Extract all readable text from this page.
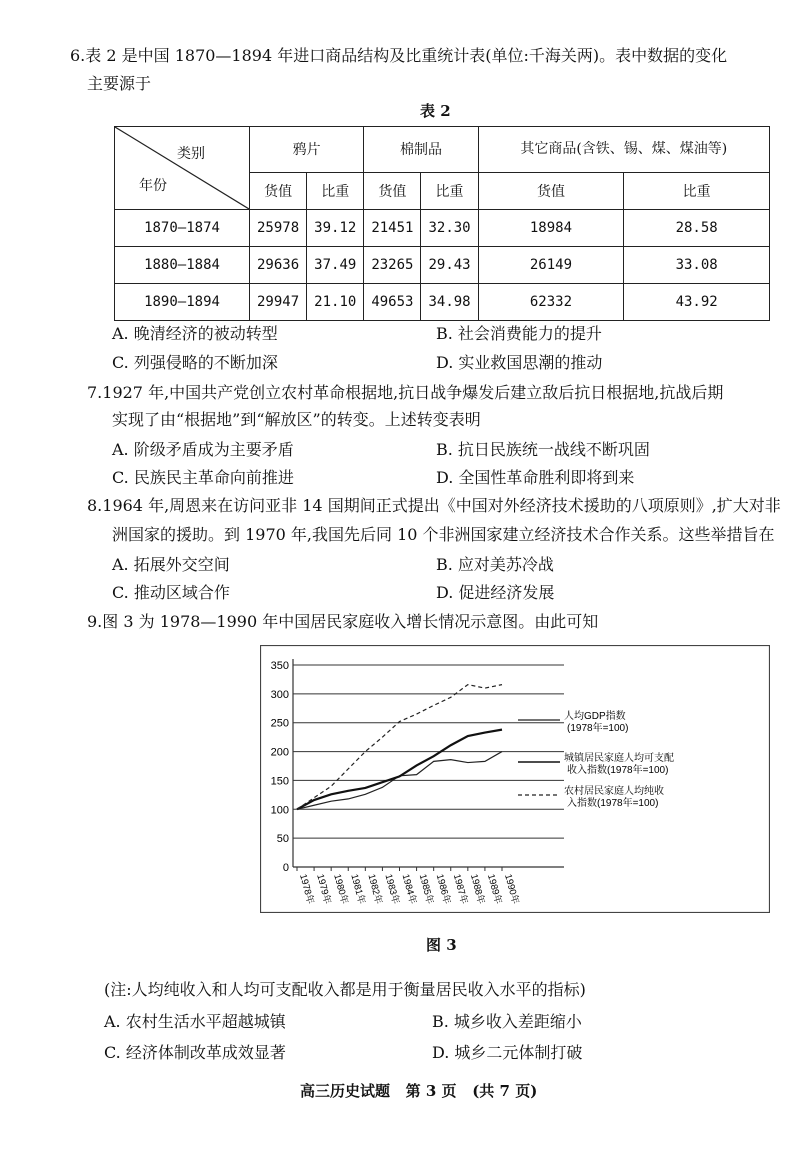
6.表 2 是中国 1870—1894 年进口商品结构及比重统计表(单位:千海关两)。表中数据的变化
主要源于
表 2
类别
年份	鸦片		棉制品		其它商品(含铁、锡、煤、煤油等)	
	货值	比重	货值	比重	货值	比重
1870—1874	25978	39.12	21451	32.30	18984	28.58
1880—1884	29636	37.49	23265	29.43	26149	33.08
1890—1894	29947	21.10	49653	34.98	62332	43.92
A. 晚清经济的被动转型	B. 社会消费能力的提升
C. 列强侵略的不断加深	D. 实业救国思潮的推动
7.1927 年,中国共产党创立农村革命根据地,抗日战争爆发后建立敌后抗日根据地,抗战后期
实现了由“根据地”到“解放区”的转变。上述转变表明
A. 阶级矛盾成为主要矛盾	B. 抗日民族统一战线不断巩固
C. 民族民主革命向前推进	D. 全国性革命胜利即将到来
8.1964 年,周恩来在访问亚非 14 国期间正式提出《中国对外经济技术援助的八项原则》,扩大对非
洲国家的援助。到 1970 年,我国先后同 10 个非洲国家建立经济技术合作关系。这些举措旨在
A. 拓展外交空间	B. 应对美苏冷战
C. 推动区域合作	D. 促进经济发展
9.图 3 为 1978—1990 年中国居民家庭收入增长情况示意图。由此可知
0
50
100
150
200
250
300
350
1978年
1979年
1980年
1981年
1982年
1983年
1984年
1985年
1986年
1987年
1988年
1989年
1990年
人均GDP指数
(1978年=100)
城镇居民家庭人均可支配
收入指数(1978年=100)
农村居民家庭人均纯收
入指数(1978年=100)
图 3
(注:人均纯收入和人均可支配收入都是用于衡量居民收入水平的指标)
A. 农村生活水平超越城镇	B. 城乡收入差距缩小
C. 经济体制改革成效显著	D. 城乡二元体制打破
高三历史试题   第 3 页   (共 7 页)
